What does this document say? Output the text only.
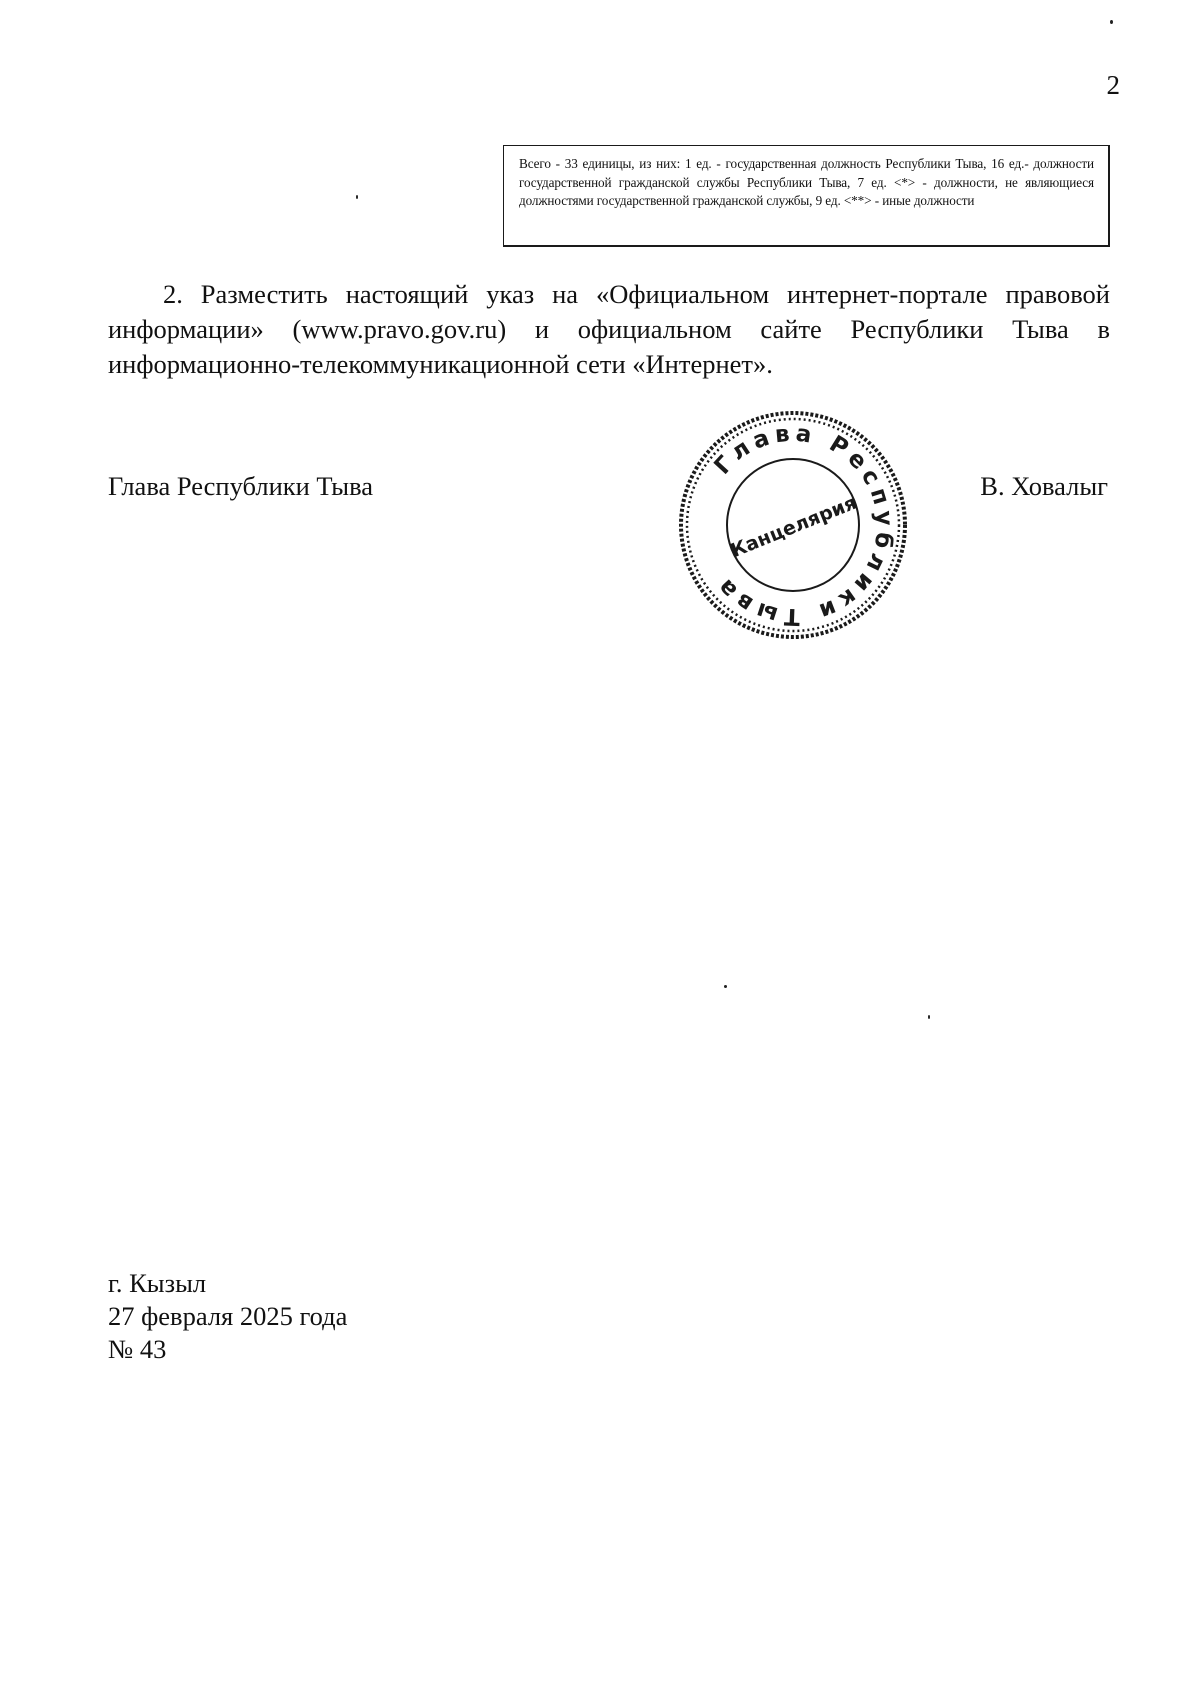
2
Всего - 33 единицы, из них: 1 ед. - государственная должность Республики Тыва, 16 ед.- должности государственной гражданской службы Республики Тыва, 7 ед. <*> - должности, не являющиеся должностями государственной гражданской службы, 9 ед. <**> - иные должности
2. Разместить настоящий указ на «Официальном интернет-портале правовой информации» (www.pravo.gov.ru) и официальном сайте Республики Тыва в информационно-телекоммуникационной сети «Интернет».
Глава Республики Тыва
Глава Республики Тыва
Канцелярия
В. Ховалыг
г. Кызыл
27 февраля 2025 года
№ 43
